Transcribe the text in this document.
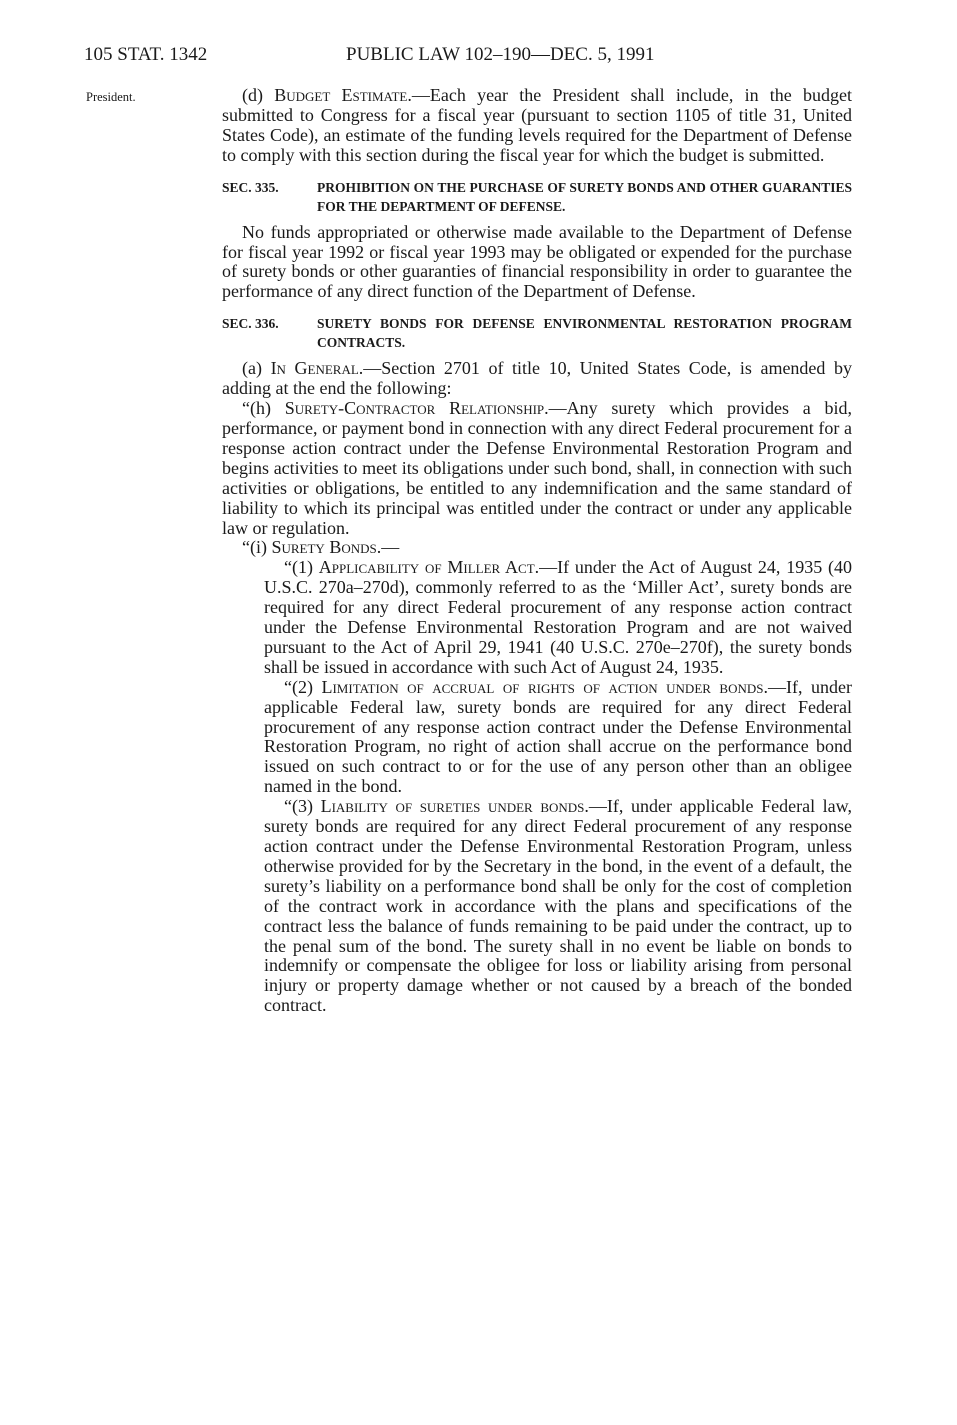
105 STAT. 1342	PUBLIC LAW 102–190—DEC. 5, 1991
President.	(d) Budget Estimate.—Each year the President shall include, in the budget submitted to Congress for a fiscal year (pursuant to section 1105 of title 31, United States Code), an estimate of the funding levels required for the Department of Defense to comply with this section during the fiscal year for which the budget is submitted.

SEC. 335.	PROHIBITION ON THE PURCHASE OF SURETY BONDS AND OTHER GUARANTIES FOR THE DEPARTMENT OF DEFENSE.

No funds appropriated or otherwise made available to the Department of Defense for fiscal year 1992 or fiscal year 1993 may be obligated or expended for the purchase of surety bonds or other guaranties of financial responsibility in order to guarantee the performance of any direct function of the Department of Defense.

SEC. 336.	SURETY BONDS FOR DEFENSE ENVIRONMENTAL RESTORATION PROGRAM CONTRACTS.

(a) In General.—Section 2701 of title 10, United States Code, is amended by adding at the end the following:

“(h) Surety-Contractor Relationship.—Any surety which provides a bid, performance, or payment bond in connection with any direct Federal procurement for a response action contract under the Defense Environmental Restoration Program and begins activities to meet its obligations under such bond, shall, in connection with such activities or obligations, be entitled to any indemnification and the same standard of liability to which its principal was entitled under the contract or under any applicable law or regulation.

“(i) Surety Bonds.—

“(1) Applicability of Miller Act.—If under the Act of August 24, 1935 (40 U.S.C. 270a–270d), commonly referred to as the ‘Miller Act’, surety bonds are required for any direct Federal procurement of any response action contract under the Defense Environmental Restoration Program and are not waived pursuant to the Act of April 29, 1941 (40 U.S.C. 270e–270f), the surety bonds shall be issued in accordance with such Act of August 24, 1935.

“(2) Limitation of accrual of rights of action under bonds.—If, under applicable Federal law, surety bonds are required for any direct Federal procurement of any response action contract under the Defense Environmental Restoration Program, no right of action shall accrue on the performance bond issued on such contract to or for the use of any person other than an obligee named in the bond.

“(3) Liability of sureties under bonds.—If, under applicable Federal law, surety bonds are required for any direct Federal procurement of any response action contract under the Defense Environmental Restoration Program, unless otherwise provided for by the Secretary in the bond, in the event of a default, the surety’s liability on a performance bond shall be only for the cost of completion of the contract work in accordance with the plans and specifications of the contract less the balance of funds remaining to be paid under the contract, up to the penal sum of the bond. The surety shall in no event be liable on bonds to indemnify or compensate the obligee for loss or liability arising from personal injury or property damage whether or not caused by a breach of the bonded contract.
